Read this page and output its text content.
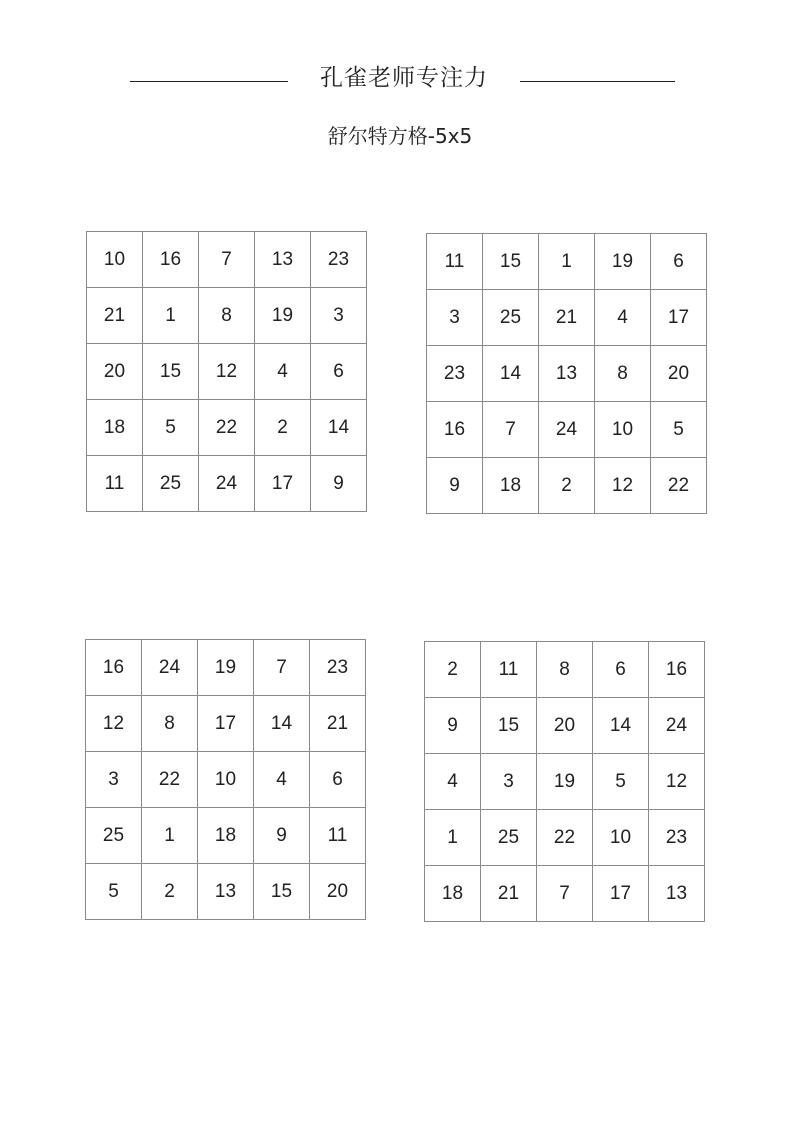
孔雀老师专注力
舒尔特方格-5x5
10	16	7	13	23
21	1	8	19	3
20	15	12	4	6
18	5	22	2	14
11	25	24	17	9
11	15	1	19	6
3	25	21	4	17
23	14	13	8	20
16	7	24	10	5
9	18	2	12	22
16	24	19	7	23
12	8	17	14	21
3	22	10	4	6
25	1	18	9	11
5	2	13	15	20
2	11	8	6	16
9	15	20	14	24
4	3	19	5	12
1	25	22	10	23
18	21	7	17	13
